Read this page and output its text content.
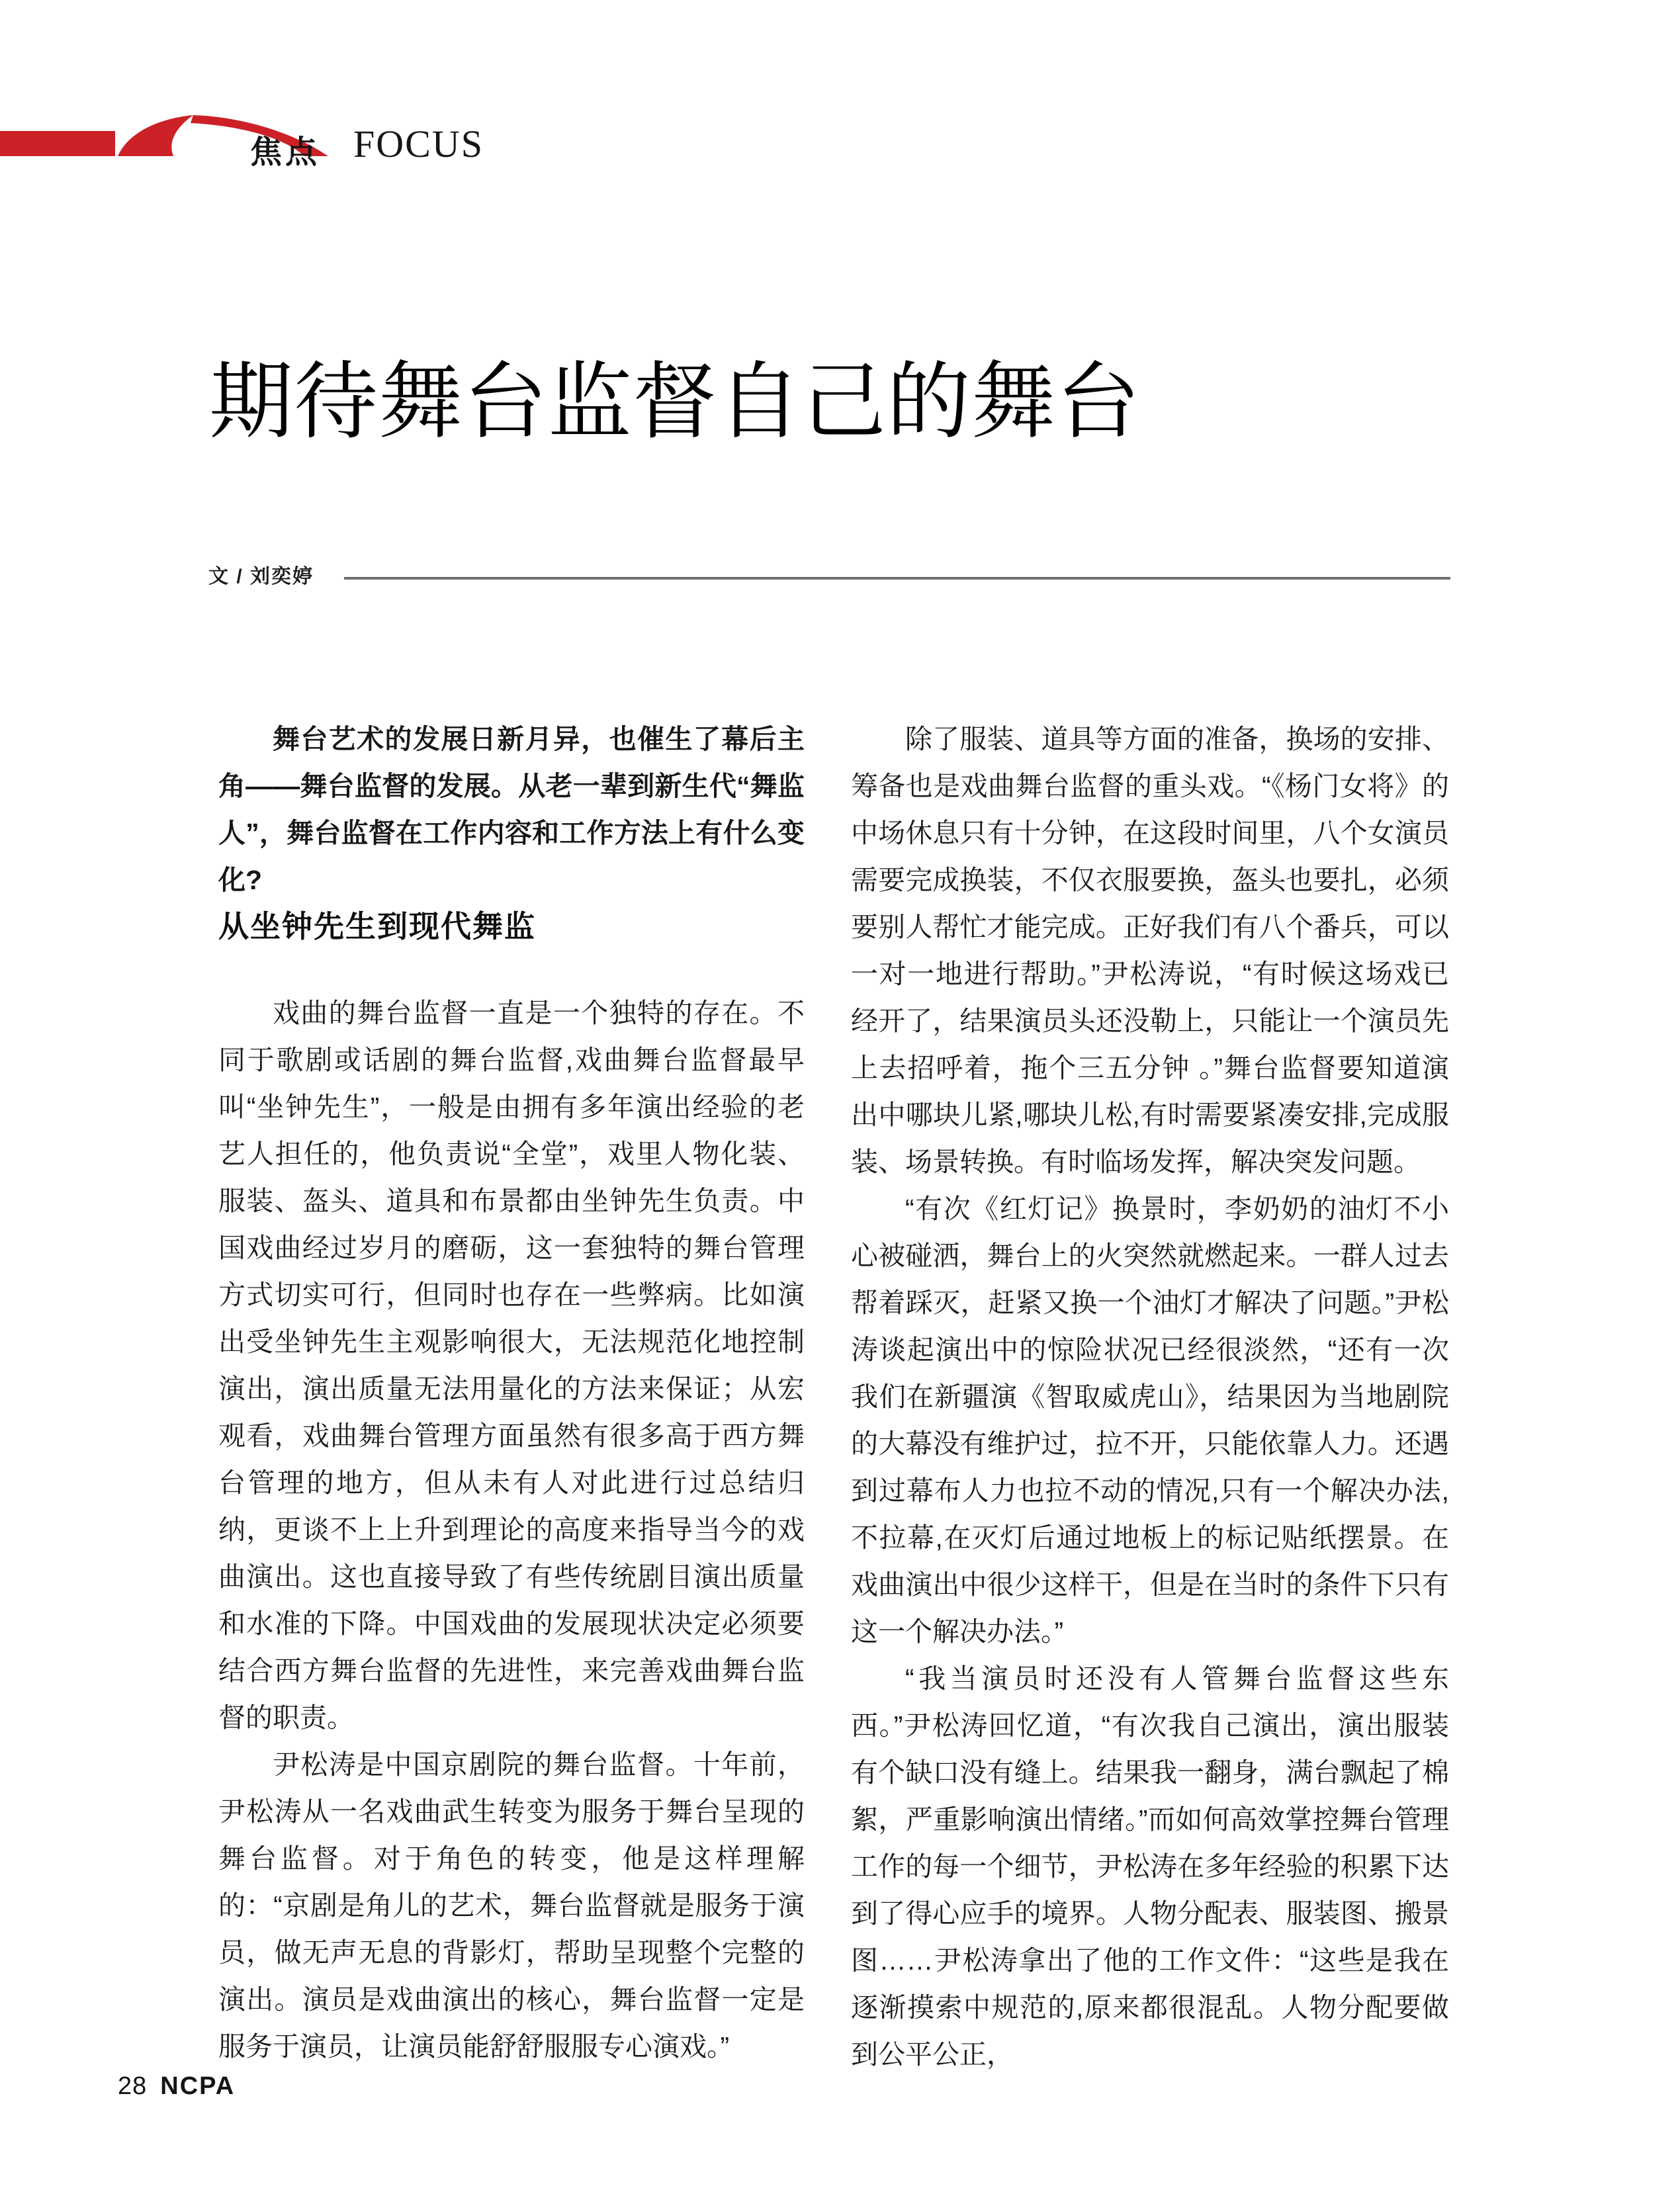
焦点 FOCUS
期待舞台监督自己的舞台
文 / 刘奕婷

舞台艺术的发展日新月异，也催生了幕后主角——舞台监督的发展。从老一辈到新生代“舞监人”，舞台监督在工作内容和工作方法上有什么变化?

从坐钟先生到现代舞监

戏曲的舞台监督一直是一个独特的存在。不同于歌剧或话剧的舞台监督,戏曲舞台监督最早叫“坐钟先生”，一般是由拥有多年演出经验的老艺人担任的，他负责说“全堂”，戏里人物化装、服装、盔头、道具和布景都由坐钟先生负责。中国戏曲经过岁月的磨砺，这一套独特的舞台管理方式切实可行，但同时也存在一些弊病。比如演出受坐钟先生主观影响很大，无法规范化地控制演出，演出质量无法用量化的方法来保证；从宏观看，戏曲舞台管理方面虽然有很多高于西方舞台管理的地方，但从未有人对此进行过总结归纳，更谈不上上升到理论的高度来指导当今的戏曲演出。这也直接导致了有些传统剧目演出质量和水准的下降。中国戏曲的发展现状决定必须要结合西方舞台监督的先进性，来完善戏曲舞台监督的职责。

尹松涛是中国京剧院的舞台监督。十年前，尹松涛从一名戏曲武生转变为服务于舞台呈现的舞台监督。对于角色的转变，他是这样理解的：“京剧是角儿的艺术，舞台监督就是服务于演员，做无声无息的背影灯，帮助呈现整个完整的演出。演员是戏曲演出的核心，舞台监督一定是服务于演员，让演员能舒舒服服专心演戏。”

除了服装、道具等方面的准备，换场的安排、筹备也是戏曲舞台监督的重头戏。“《杨门女将》的中场休息只有十分钟，在这段时间里，八个女演员需要完成换装，不仅衣服要换，盔头也要扎，必须要别人帮忙才能完成。正好我们有八个番兵，可以一对一地进行帮助。”尹松涛说，“有时候这场戏已经开了，结果演员头还没勒上，只能让一个演员先上去招呼着，拖个三五分钟 。”舞台监督要知道演出中哪块儿紧,哪块儿松,有时需要紧凑安排,完成服装、场景转换。有时临场发挥，解决突发问题。

“有次《红灯记》换景时，李奶奶的油灯不小心被碰洒，舞台上的火突然就燃起来。一群人过去帮着踩灭，赶紧又换一个油灯才解决了问题。”尹松涛谈起演出中的惊险状况已经很淡然，“还有一次我们在新疆演《智取威虎山》，结果因为当地剧院的大幕没有维护过，拉不开，只能依靠人力。还遇到过幕布人力也拉不动的情况,只有一个解决办法,不拉幕,在灭灯后通过地板上的标记贴纸摆景。在戏曲演出中很少这样干，但是在当时的条件下只有这一个解决办法。”

“我当演员时还没有人管舞台监督这些东西。”尹松涛回忆道，“有次我自己演出，演出服装有个缺口没有缝上。结果我一翻身，满台飘起了棉絮，严重影响演出情绪。”而如何高效掌控舞台管理工作的每一个细节，尹松涛在多年经验的积累下达到了得心应手的境界。人物分配表、服装图、搬景图……尹松涛拿出了他的工作文件：“这些是我在逐渐摸索中规范的,原来都很混乱。人物分配要做到公平公正，

28 NCPA
